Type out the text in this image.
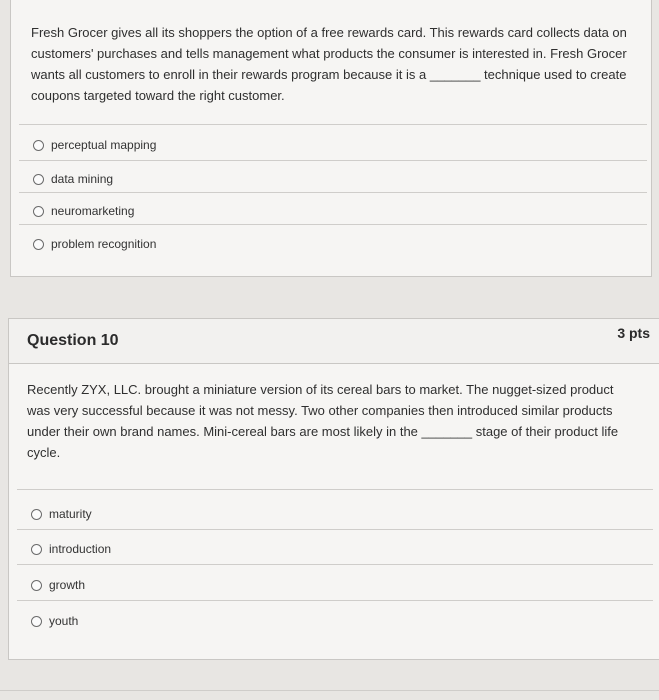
Fresh Grocer gives all its shoppers the option of a free rewards card. This rewards card collects data on customers' purchases and tells management what products the consumer is interested in. Fresh Grocer wants all customers to enroll in their rewards program because it is a _______ technique used to create coupons targeted toward the right customer.
perceptual mapping
data mining
neuromarketing
problem recognition
Question 10	3 pts
Recently ZYX, LLC. brought a miniature version of its cereal bars to market. The nugget-sized product was very successful because it was not messy. Two other companies then introduced similar products under their own brand names. Mini-cereal bars are most likely in the _______ stage of their product life cycle.
maturity
introduction
growth
youth
